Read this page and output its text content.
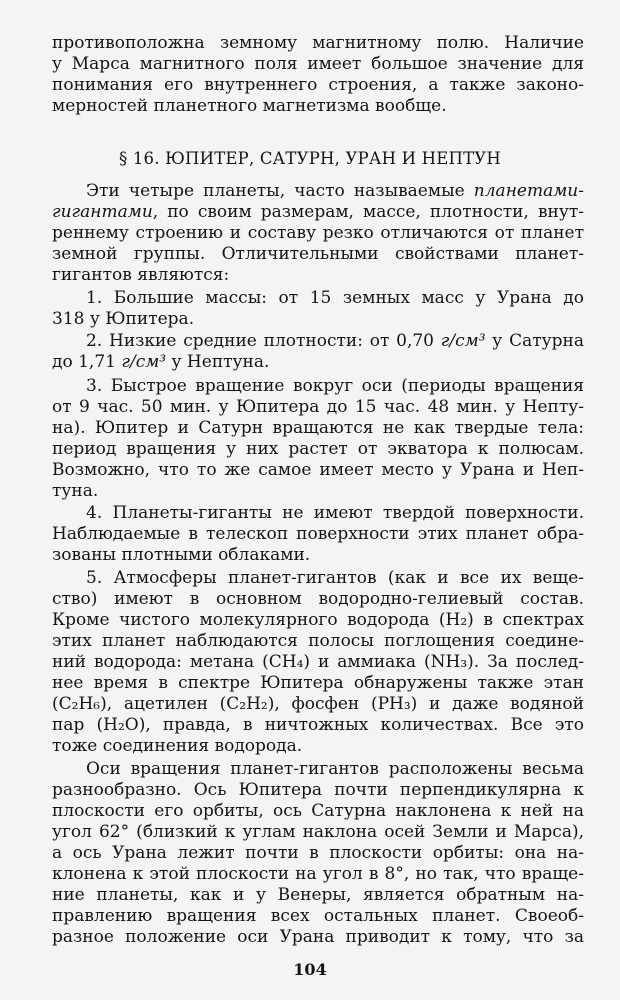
противоположна земному магнитному полю. Наличие
у Марса магнитного поля имеет большое значение для
понимания его внутреннего строения, а также законо-
мерностей планетного магнетизма вообще.
§ 16. ЮПИТЕР, САТУРН, УРАН И НЕПТУН
Эти четыре планеты, часто называемые планетами-
гигантами, по своим размерам, массе, плотности, внут-
реннему строению и составу резко отличаются от планет
земной группы. Отличительными свойствами планет-
гигантов являются:
1. Большие массы: от 15 земных масс у Урана до
318 у Юпитера.
2. Низкие средние плотности: от 0,70 г/см³ у Сатурна
до 1,71 г/см³ у Нептуна.
3. Быстрое вращение вокруг оси (периоды вращения
от 9 час. 50 мин. у Юпитера до 15 час. 48 мин. у Непту-
на). Юпитер и Сатурн вращаются не как твердые тела:
период вращения у них растет от экватора к полюсам.
Возможно, что то же самое имеет место у Урана и Неп-
туна.
4. Планеты-гиганты не имеют твердой поверхности.
Наблюдаемые в телескоп поверхности этих планет обра-
зованы плотными облаками.
5. Атмосферы планет-гигантов (как и все их веще-
ство) имеют в основном водородно-гелиевый состав.
Кроме чистого молекулярного водорода (H₂) в спектрах
этих планет наблюдаются полосы поглощения соедине-
ний водорода: метана (CH₄) и аммиака (NH₃). За послед-
нее время в спектре Юпитера обнаружены также этан
(C₂H₆), ацетилен (C₂H₂), фосфен (PH₃) и даже водяной
пар (H₂O), правда, в ничтожных количествах. Все это
тоже соединения водорода.
Оси вращения планет-гигантов расположены весьма
разнообразно. Ось Юпитера почти перпендикулярна к
плоскости его орбиты, ось Сатурна наклонена к ней на
угол 62° (близкий к углам наклона осей Земли и Марса),
а ось Урана лежит почти в плоскости орбиты: она на-
клонена к этой плоскости на угол в 8°, но так, что враще-
ние планеты, как и у Венеры, является обратным на-
правлению вращения всех остальных планет. Своеоб-
разное положение оси Урана приводит к тому, что за
104
